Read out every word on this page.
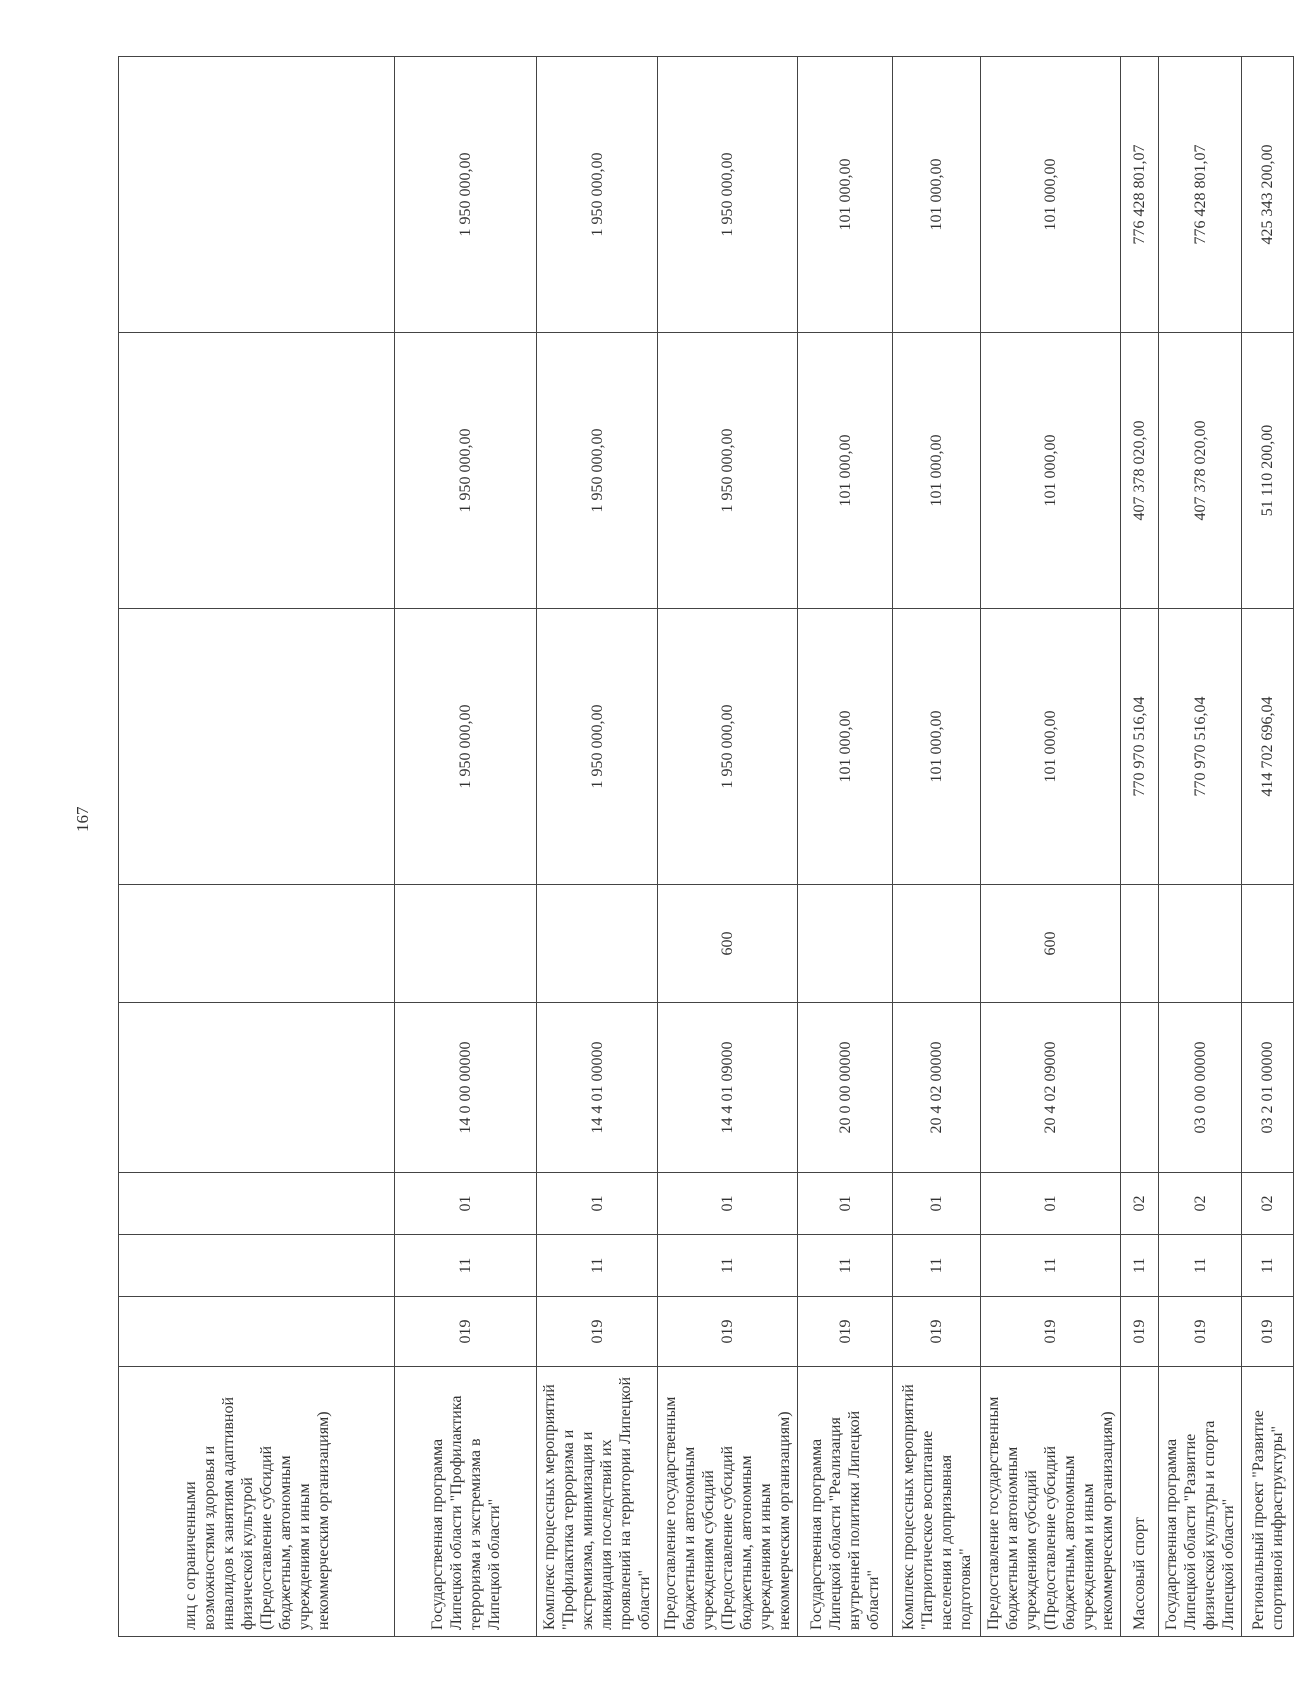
167
лиц с ограниченными возможностями здоровья и инвалидов к занятиям адаптивной физической культурой (Предоставление субсидий бюджетным, автономным учреждениям и иным некоммерческим организациям)								
Государственная программа Липецкой области "Профилактика терроризма и экстремизма в Липецкой области"	019	11	01	14 0 00 00000		1 950 000,00	1 950 000,00	1 950 000,00
Комплекс процессных мероприятий "Профилактика терроризма и экстремизма, минимизация и ликвидация последствий их проявлений на территории Липецкой области"	019	11	01	14 4 01 00000		1 950 000,00	1 950 000,00	1 950 000,00
Предоставление государственным бюджетным и автономным учреждениям субсидий (Предоставление субсидий бюджетным, автономным учреждениям и иным некоммерческим организациям)	019	11	01	14 4 01 09000	600	1 950 000,00	1 950 000,00	1 950 000,00
Государственная программа Липецкой области "Реализация внутренней политики Липецкой области"	019	11	01	20 0 00 00000		101 000,00	101 000,00	101 000,00
Комплекс процессных мероприятий "Патриотическое воспитание населения и допризывная подготовка"	019	11	01	20 4 02 00000		101 000,00	101 000,00	101 000,00
Предоставление государственным бюджетным и автономным учреждениям субсидий (Предоставление субсидий бюджетным, автономным учреждениям и иным некоммерческим организациям)	019	11	01	20 4 02 09000	600	101 000,00	101 000,00	101 000,00
Массовый спорт	019	11	02			770 970 516,04	407 378 020,00	776 428 801,07
Государственная программа Липецкой области "Развитие физической культуры и спорта Липецкой области"	019	11	02	03 0 00 00000		770 970 516,04	407 378 020,00	776 428 801,07
Региональный проект "Развитие спортивной инфраструктуры"	019	11	02	03 2 01 00000		414 702 696,04	51 110 200,00	425 343 200,00
